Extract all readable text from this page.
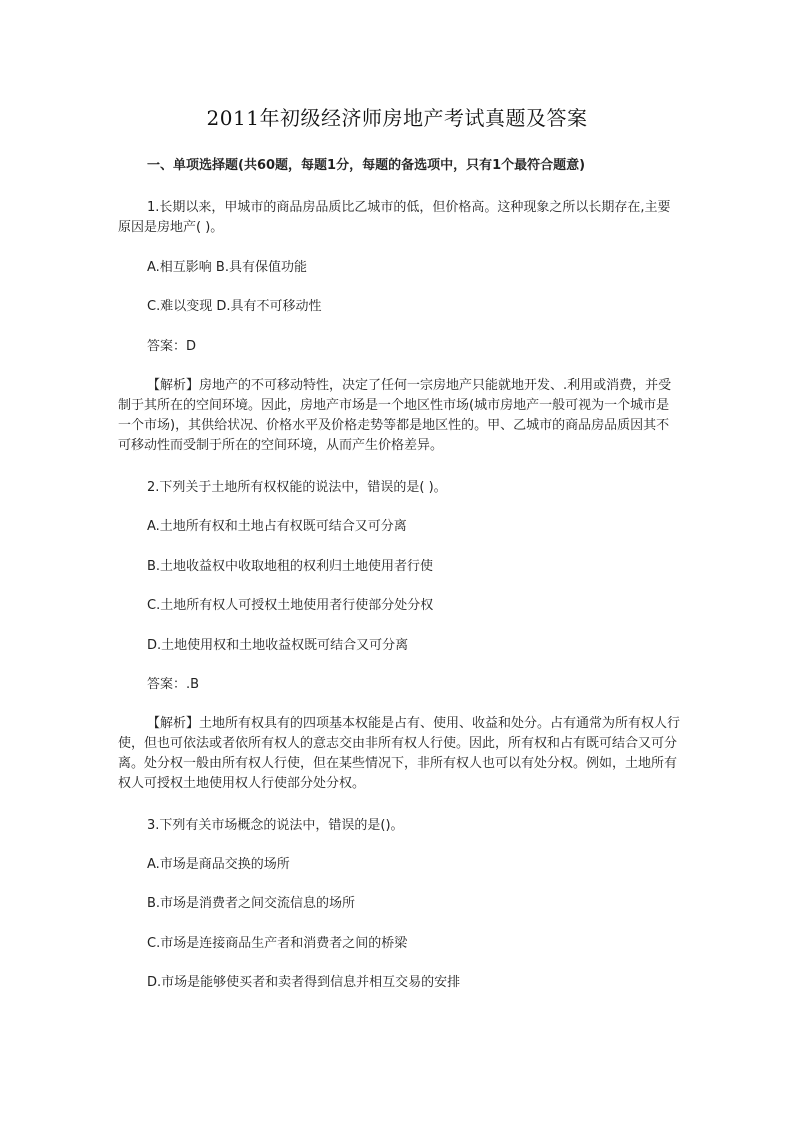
2011年初级经济师房地产考试真题及答案
一、单项选择题(共60题，每题1分，每题的备选项中，只有1个最符合题意)

1.长期以来，甲城市的商品房品质比乙城市的低，但价格高。这种现象之所以长期存在,主要原因是房地产( )。

A.相互影响 B.具有保值功能
C.难以变现 D.具有不可移动性
答案：D

【解析】房地产的不可移动特性，决定了任何一宗房地产只能就地开发、.利用或消费，并受制于其所在的空间环境。因此，房地产市场是一个地区性市场(城市房地产一般可视为一个城市是一个市场)，其供给状况、价格水平及价格走势等都是地区性的。甲、乙城市的商品房品质因其不可移动性而受制于所在的空间环境，从而产生价格差异。

2.下列关于土地所有权权能的说法中，错误的是( )。
A.土地所有权和土地占有权既可结合又可分离
B.土地收益权中收取地租的权利归土地使用者行使
C.土地所有权人可授权土地使用者行使部分处分权
D.土地使用权和土地收益权既可结合又可分离
答案：.B

【解析】土地所有权具有的四项基本权能是占有、使用、收益和处分。占有通常为所有权人行使，但也可依法或者依所有权人的意志交由非所有权人行使。因此，所有权和占有既可结合又可分离。处分权一般由所有权人行使，但在某些情况下，非所有权人也可以有处分权。例如，土地所有权人可授权土地使用权人行使部分处分权。

3.下列有关市场概念的说法中，错误的是()。
A.市场是商品交换的场所
B.市场是消费者之间交流信息的场所
C.市场是连接商品生产者和消费者之间的桥梁
D.市场是能够使买者和卖者得到信息并相互交易的安排
